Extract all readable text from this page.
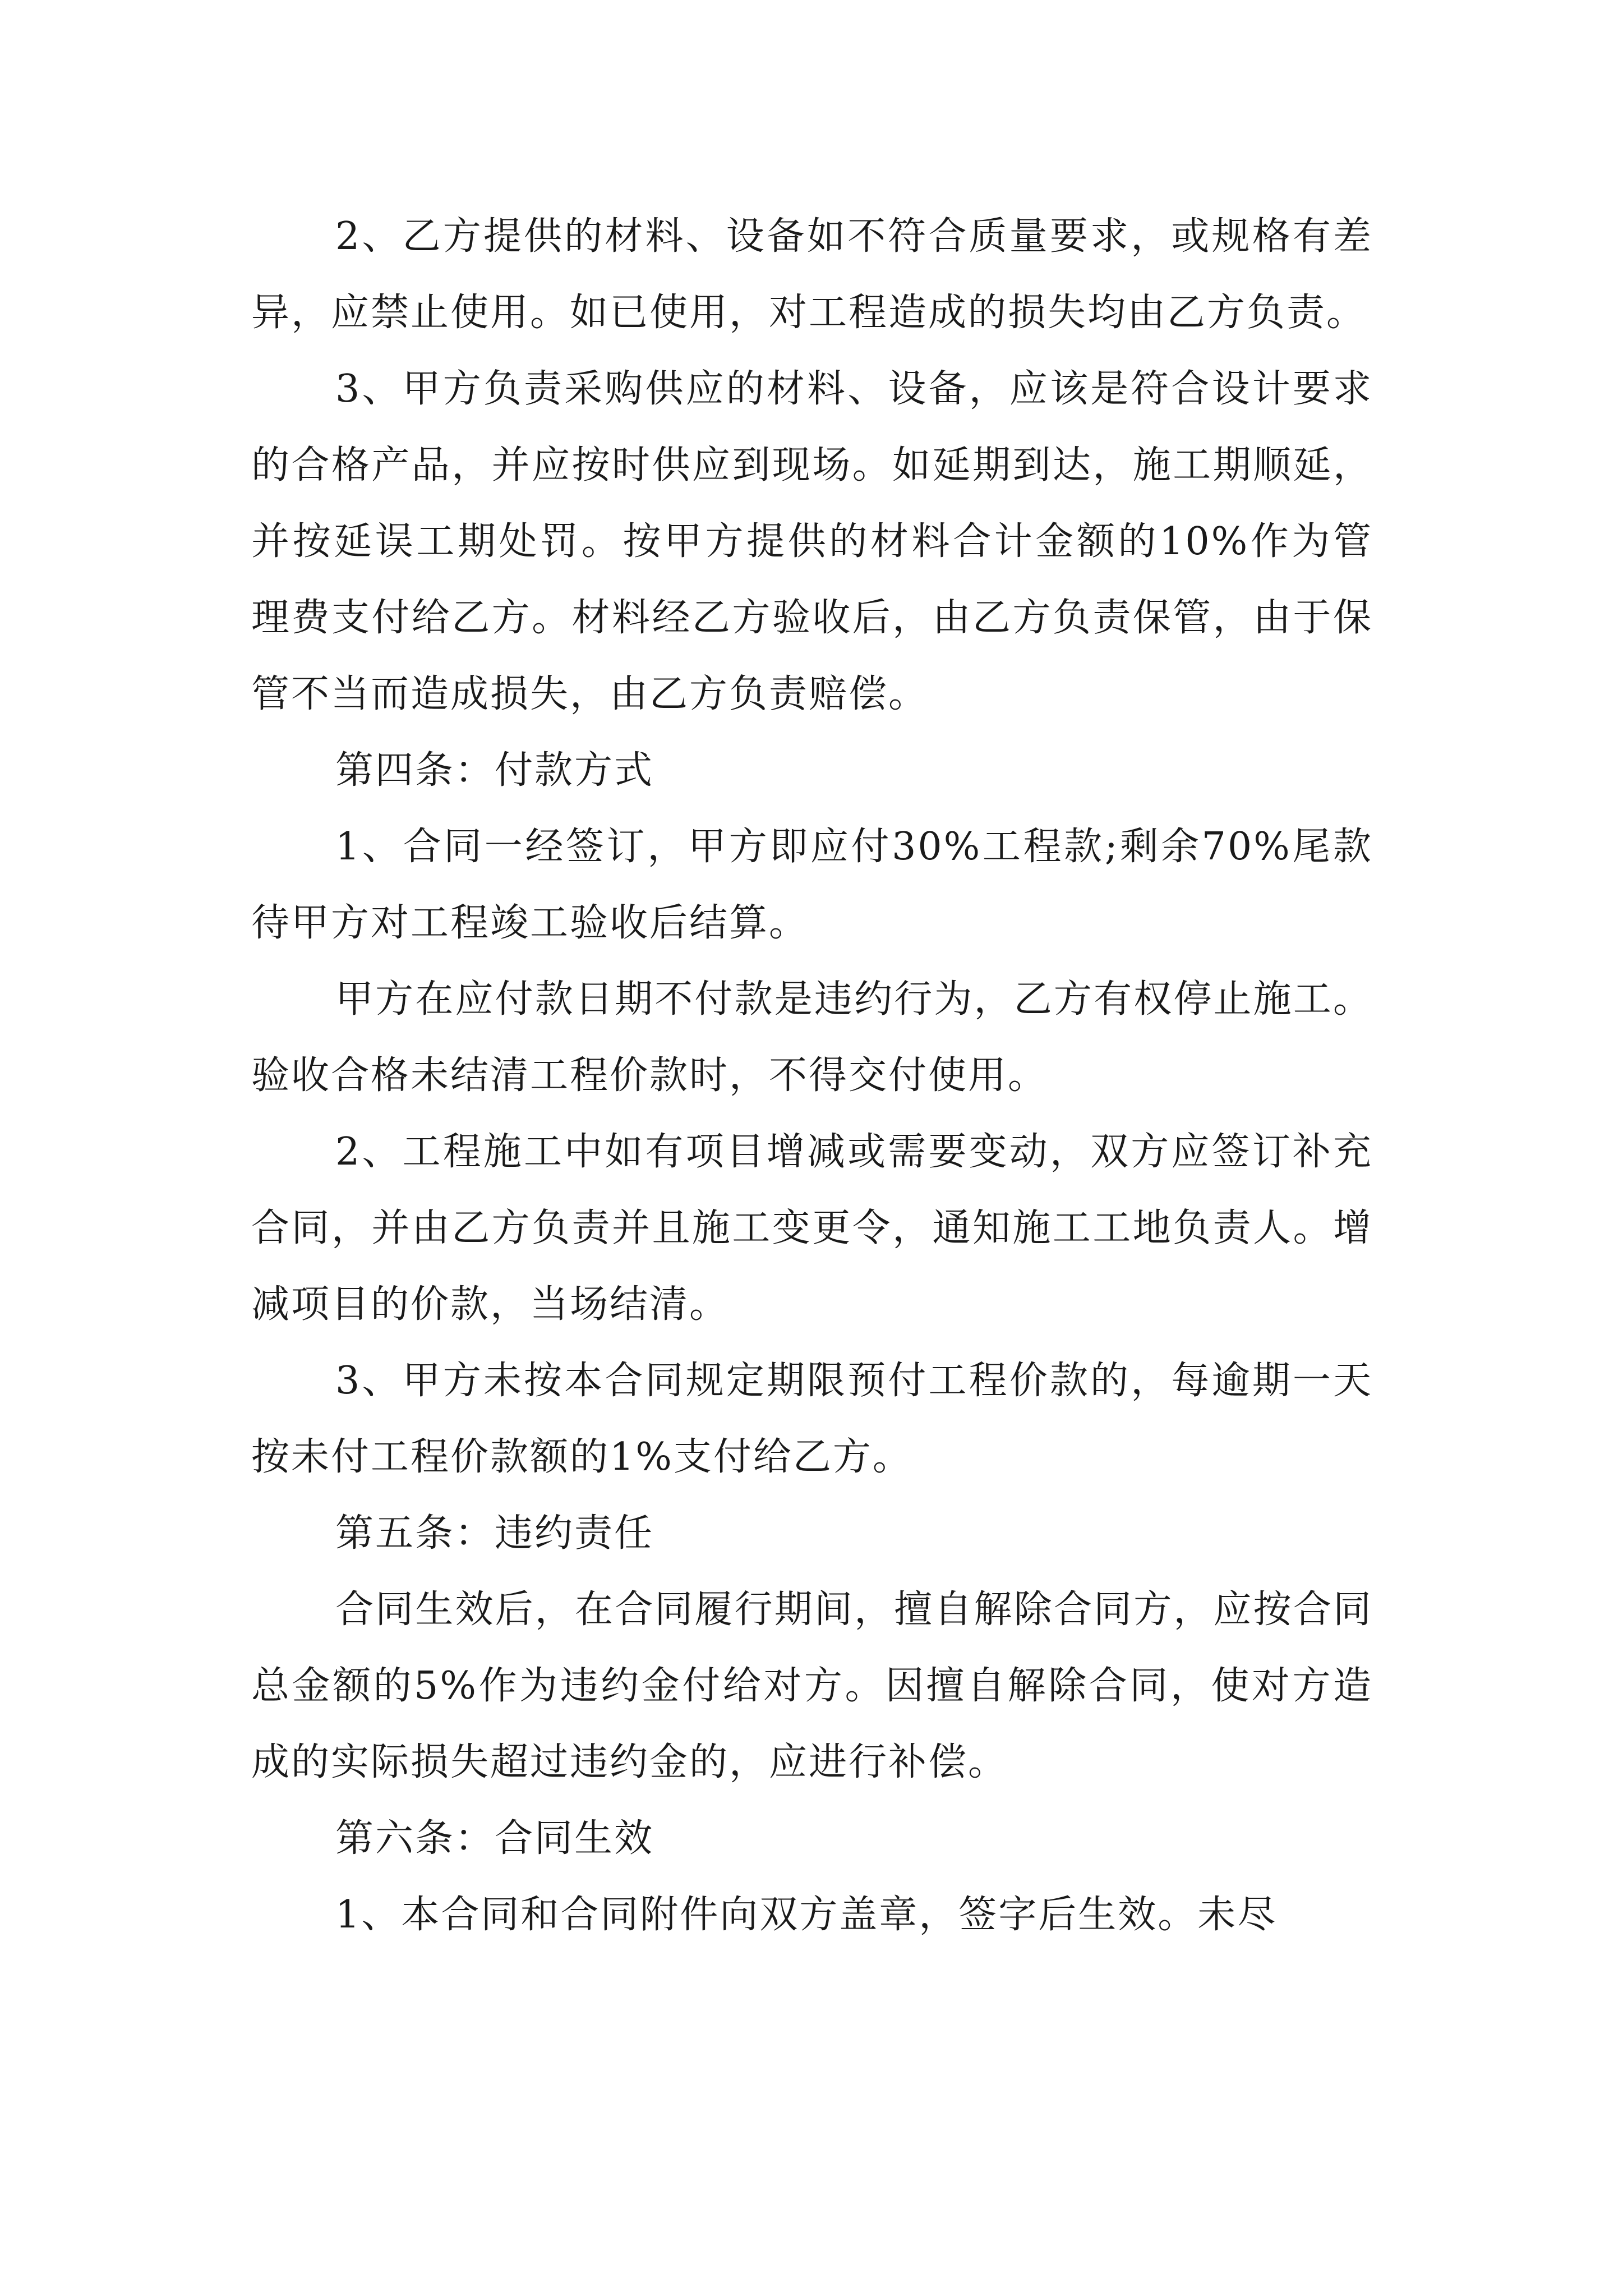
2、乙方提供的材料、设备如不符合质量要求，或规格有差异，应禁止使用。如已使用，对工程造成的损失均由乙方负责。

3、甲方负责采购供应的材料、设备，应该是符合设计要求的合格产品，并应按时供应到现场。如延期到达，施工期顺延，并按延误工期处罚。按甲方提供的材料合计金额的10%作为管理费支付给乙方。材料经乙方验收后，由乙方负责保管，由于保管不当而造成损失，由乙方负责赔偿。

第四条：付款方式

1、合同一经签订，甲方即应付30%工程款;剩余70%尾款待甲方对工程竣工验收后结算。

甲方在应付款日期不付款是违约行为，乙方有权停止施工。验收合格未结清工程价款时，不得交付使用。

2、工程施工中如有项目增减或需要变动，双方应签订补充合同，并由乙方负责并且施工变更令，通知施工工地负责人。增减项目的价款，当场结清。

3、甲方未按本合同规定期限预付工程价款的，每逾期一天按未付工程价款额的1%支付给乙方。

第五条：违约责任

合同生效后，在合同履行期间，擅自解除合同方，应按合同总金额的5%作为违约金付给对方。因擅自解除合同，使对方造成的实际损失超过违约金的，应进行补偿。

第六条：合同生效

1、本合同和合同附件向双方盖章，签字后生效。未尽
